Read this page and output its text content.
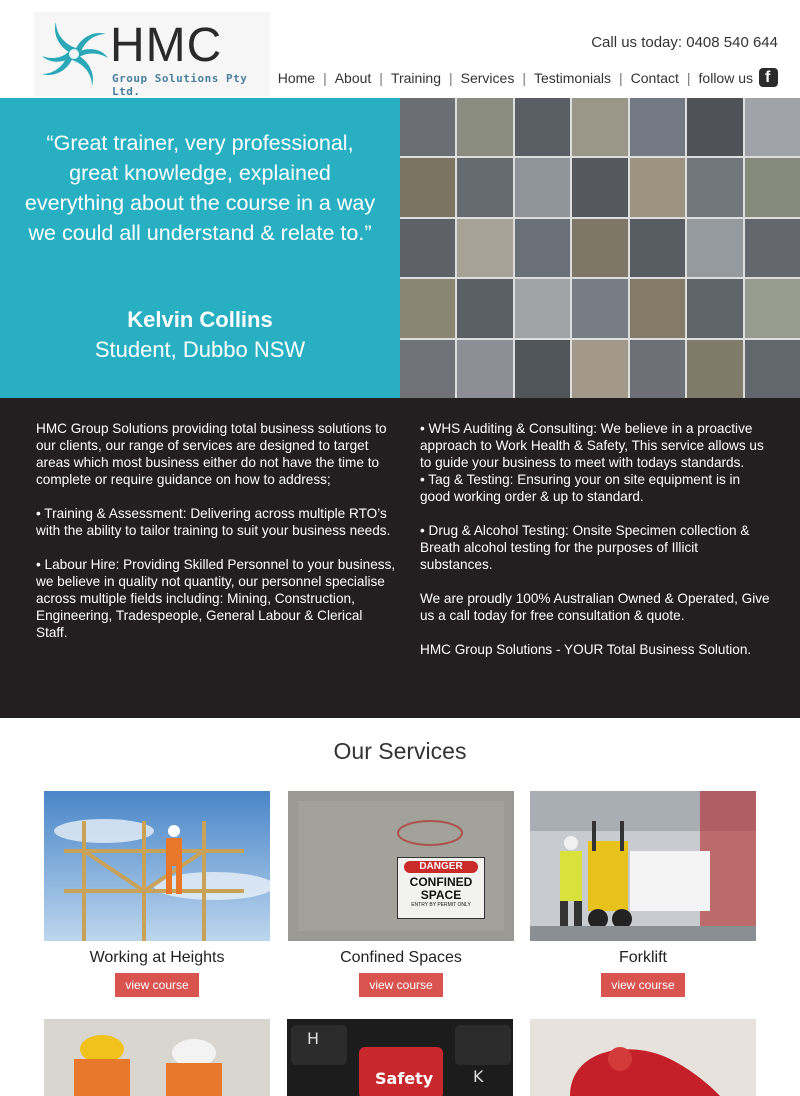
HMC
Group Solutions Pty Ltd.
Call us today: 0408 540 644
Home | About | Training | Services | Testimonials | Contact | follow us f
“Great trainer, very professional, great knowledge, explained everything about the course in a way we could all understand & relate to.”
Kelvin Collins
Student, Dubbo NSW

HMC Group Solutions providing total business solutions to our clients, our range of services are designed to target areas which most business either do not have the time to complete or require guidance on how to address;

• Training & Assessment: Delivering across multiple RTO’s with the ability to tailor training to suit your business needs.

• Labour Hire: Providing Skilled Personnel to your business, we believe in quality not quantity, our personnel specialise across multiple fields including: Mining, Construction, Engineering, Tradespeople, General Labour & Clerical Staff.

• WHS Auditing & Consulting: We believe in a proactive approach to Work Health & Safety, This service allows us to guide your business to meet with todays standards.

• Tag & Testing: Ensuring your on site equipment is in good working order & up to standard.

• Drug & Alcohol Testing: Onsite Specimen collection & Breath alcohol testing for the purposes of Illicit substances.

We are proudly 100% Australian Owned & Operated, Give us a call today for free consultation & quote.

HMC Group Solutions - YOUR Total Business Solution.

Our Services
Working at Heights
view course
DANGER
CONFINED
SPACE
ENTRY BY PERMIT ONLY
Confined Spaces
view course
Forklift
view course
H
Safety K
